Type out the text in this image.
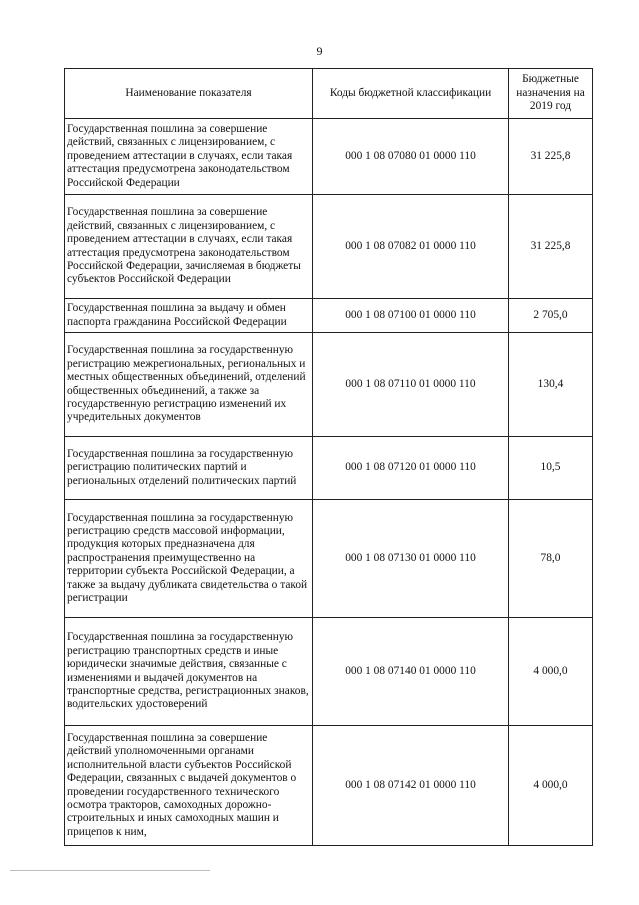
9
Наименование показателя	Коды бюджетной классификации	Бюджетные назначения на 2019 год
Государственная пошлина за совершение действий, связанных с лицензированием, с проведением аттестации в случаях, если такая аттестация предусмотрена законодательством Российской Федерации	000 1 08 07080 01 0000 110	31 225,8
Государственная пошлина за совершение действий, связанных с лицензированием, с проведением аттестации в случаях, если такая аттестация предусмотрена законодательством Российской Федерации, зачисляемая в бюджеты субъектов Российской Федерации	000 1 08 07082 01 0000 110	31 225,8
Государственная пошлина за выдачу и обмен паспорта гражданина Российской Федерации	000 1 08 07100 01 0000 110	2 705,0
Государственная пошлина за государственную регистрацию межрегиональных, региональных и местных общественных объединений, отделений общественных объединений, а также за государственную регистрацию изменений их учредительных документов	000 1 08 07110 01 0000 110	130,4
Государственная пошлина за государственную регистрацию политических партий и региональных отделений политических партий	000 1 08 07120 01 0000 110	10,5
Государственная пошлина за государственную регистрацию средств массовой информации, продукция которых предназначена для распространения преимущественно на территории субъекта Российской Федерации, а также за выдачу дубликата свидетельства о такой регистрации	000 1 08 07130 01 0000 110	78,0
Государственная пошлина за государственную регистрацию транспортных средств и иные юридически значимые действия, связанные с изменениями и выдачей документов на транспортные средства, регистрационных знаков, водительских удостоверений	000 1 08 07140 01 0000 110	4 000,0
Государственная пошлина за совершение действий уполномоченными органами исполнительной власти субъектов Российской Федерации, связанных с выдачей документов о проведении государственного технического осмотра тракторов, самоходных дорожно-строительных и иных самоходных машин и прицепов к ним,	000 1 08 07142 01 0000 110	4 000,0
